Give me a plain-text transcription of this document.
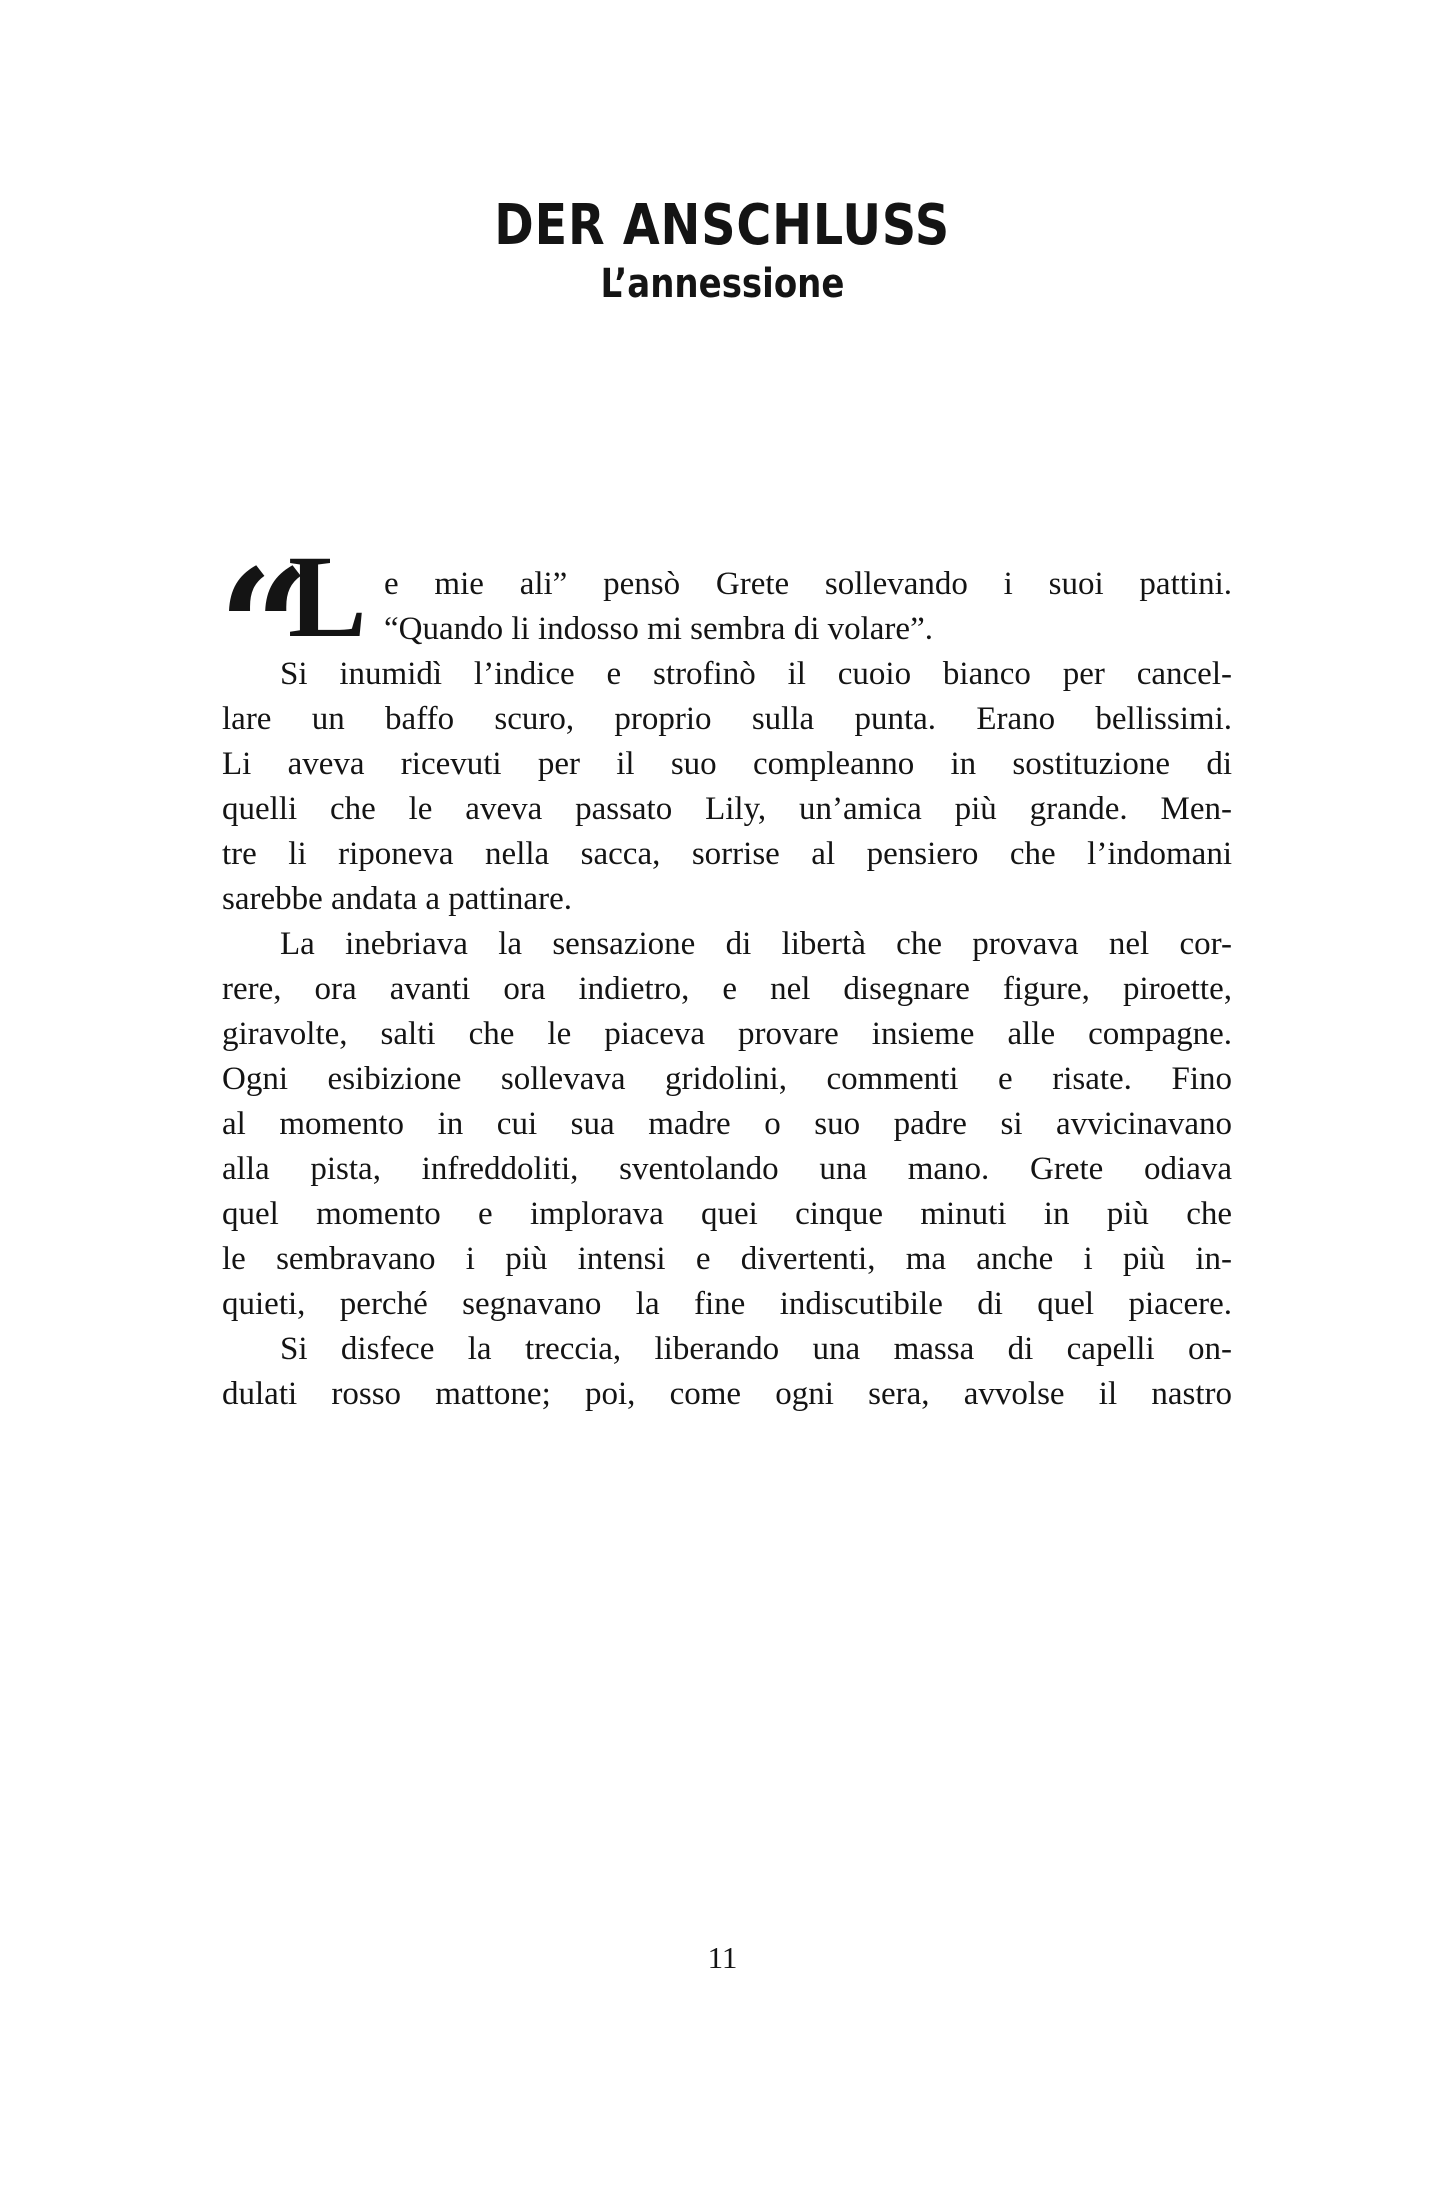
DER ANSCHLUSS
L’annessione
“
L e mie ali” pensò Grete sollevando i suoi pattini.
“Quando li indosso mi sembra di volare”.
Si inumidì l’indice e strofinò il cuoio bianco per cancel-
lare un baffo scuro, proprio sulla punta. Erano bellissimi.
Li aveva ricevuti per il suo compleanno in sostituzione di
quelli che le aveva passato Lily, un’amica più grande. Men-
tre li riponeva nella sacca, sorrise al pensiero che l’indomani
sarebbe andata a pattinare.
La inebriava la sensazione di libertà che provava nel cor-
rere, ora avanti ora indietro, e nel disegnare figure, piroette,
giravolte, salti che le piaceva provare insieme alle compagne.
Ogni esibizione sollevava gridolini, commenti e risate. Fino
al momento in cui sua madre o suo padre si avvicinavano
alla pista, infreddoliti, sventolando una mano. Grete odiava
quel momento e implorava quei cinque minuti in più che
le sembravano i più intensi e divertenti, ma anche i più in-
quieti, perché segnavano la fine indiscutibile di quel piacere.
Si disfece la treccia, liberando una massa di capelli on-
dulati rosso mattone; poi, come ogni sera, avvolse il nastro
11
